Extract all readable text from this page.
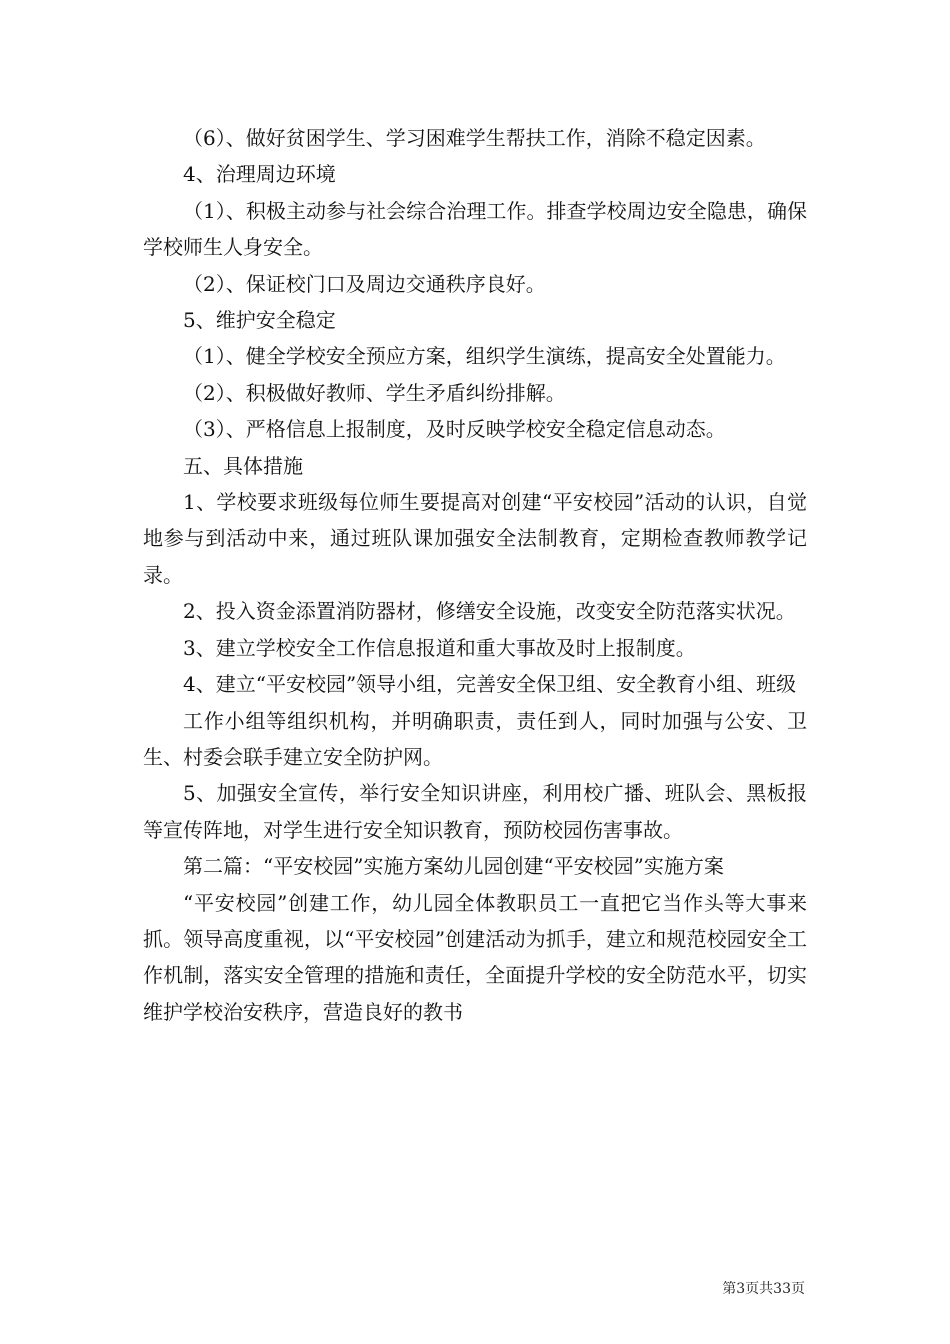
（6）、做好贫困学生、学习困难学生帮扶工作，消除不稳定因素。

4、治理周边环境

（1）、积极主动参与社会综合治理工作。排查学校周边安全隐患，确保学校师生人身安全。

（2）、保证校门口及周边交通秩序良好。

5、维护安全稳定

（1）、健全学校安全预应方案，组织学生演练，提高安全处置能力。

（2）、积极做好教师、学生矛盾纠纷排解。

（3）、严格信息上报制度，及时反映学校安全稳定信息动态。

五、具体措施

1、学校要求班级每位师生要提高对创建“平安校园”活动的认识，自觉地参与到活动中来，通过班队课加强安全法制教育，定期检查教师教学记录。

2、投入资金添置消防器材，修缮安全设施，改变安全防范落实状况。

3、建立学校安全工作信息报道和重大事故及时上报制度。

4、建立“平安校园”领导小组，完善安全保卫组、安全教育小组、班级

工作小组等组织机构，并明确职责，责任到人，同时加强与公安、卫生、村委会联手建立安全防护网。

5、加强安全宣传，举行安全知识讲座，利用校广播、班队会、黑板报等宣传阵地，对学生进行安全知识教育，预防校园伤害事故。

第二篇：“平安校园”实施方案幼儿园创建“平安校园”实施方案

“平安校园”创建工作，幼儿园全体教职员工一直把它当作头等大事来抓。领导高度重视，以“平安校园”创建活动为抓手，建立和规范校园安全工作机制，落实安全管理的措施和责任，全面提升学校的安全防范水平，切实维护学校治安秩序，营造良好的教书

第3页共33页
